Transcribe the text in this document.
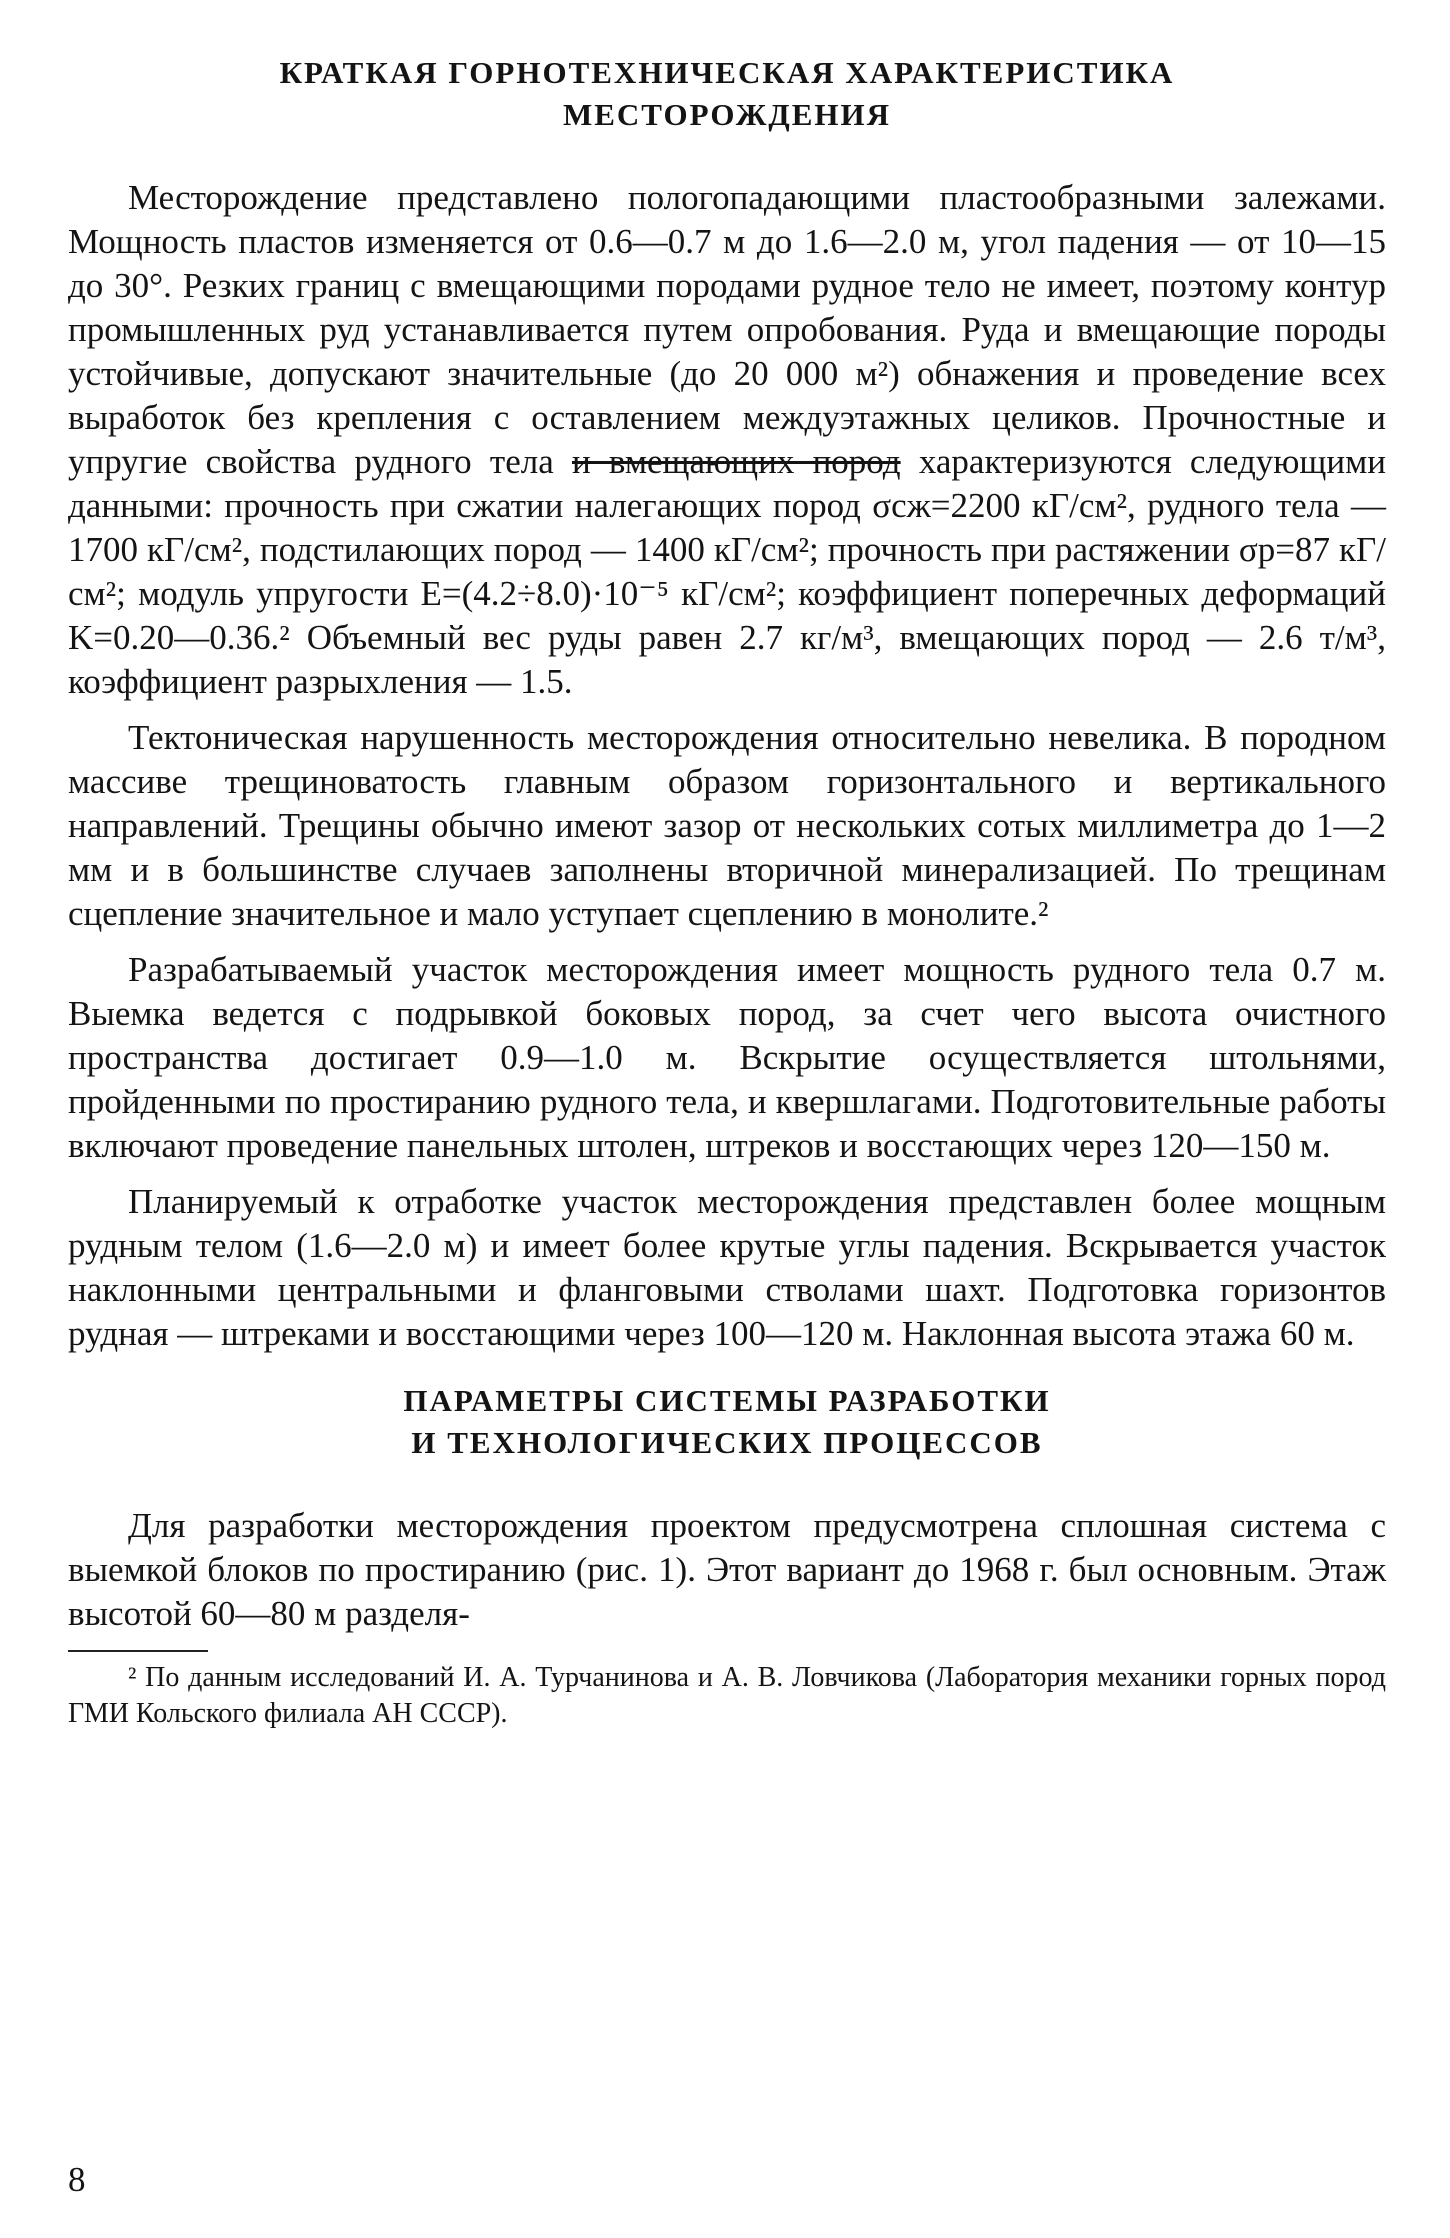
КРАТКАЯ ГОРНОТЕХНИЧЕСКАЯ ХАРАКТЕРИСТИКА
МЕСТОРОЖДЕНИЯ

Месторождение представлено пологопадающими пластообразными залежами. Мощность пластов изменяется от 0.6—0.7 м до 1.6—2.0 м, угол падения — от 10—15 до 30°. Резких границ с вмещающими породами рудное тело не имеет, поэтому контур промышленных руд устанавливается путем опробования. Руда и вмещающие породы устойчивые, допускают значительные (до 20 000 м²) обнажения и проведение всех выработок без крепления с оставлением междуэтажных целиков. Прочностные и упругие свойства рудного тела и вмещающих пород характеризуются следующими данными: прочность при сжатии налегающих пород σсж=2200 кГ/см², рудного тела — 1700 кГ/см², подстилающих пород — 1400 кГ/см²; прочность при растяжении σр=87 кГ/см²; модуль упругости E=(4.2÷8.0)·10⁻⁵ кГ/см²; коэффициент поперечных деформаций K=0.20—0.36.² Объемный вес руды равен 2.7 кг/м³, вмещающих пород — 2.6 т/м³, коэффициент разрыхления — 1.5.

Тектоническая нарушенность месторождения относительно невелика. В породном массиве трещиноватость главным образом горизонтального и вертикального направлений. Трещины обычно имеют зазор от нескольких сотых миллиметра до 1—2 мм и в большинстве случаев заполнены вторичной минерализацией. По трещинам сцепление значительное и мало уступает сцеплению в монолите.²

Разрабатываемый участок месторождения имеет мощность рудного тела 0.7 м. Выемка ведется с подрывкой боковых пород, за счет чего высота очистного пространства достигает 0.9—1.0 м. Вскрытие осуществляется штольнями, пройденными по простиранию рудного тела, и квершлагами. Подготовительные работы включают проведение панельных штолен, штреков и восстающих через 120—150 м.

Планируемый к отработке участок месторождения представлен более мощным рудным телом (1.6—2.0 м) и имеет более крутые углы падения. Вскрывается участок наклонными центральными и фланговыми стволами шахт. Подготовка горизонтов рудная — штреками и восстающими через 100—120 м. Наклонная высота этажа 60 м.

ПАРАМЕТРЫ СИСТЕМЫ РАЗРАБОТКИ
И ТЕХНОЛОГИЧЕСКИХ ПРОЦЕССОВ

Для разработки месторождения проектом предусмотрена сплошная система с выемкой блоков по простиранию (рис. 1). Этот вариант до 1968 г. был основным. Этаж высотой 60—80 м разделя-

² По данным исследований И. А. Турчанинова и А. В. Ловчикова (Лаборатория механики горных пород ГМИ Кольского филиала АН СССР).

8
